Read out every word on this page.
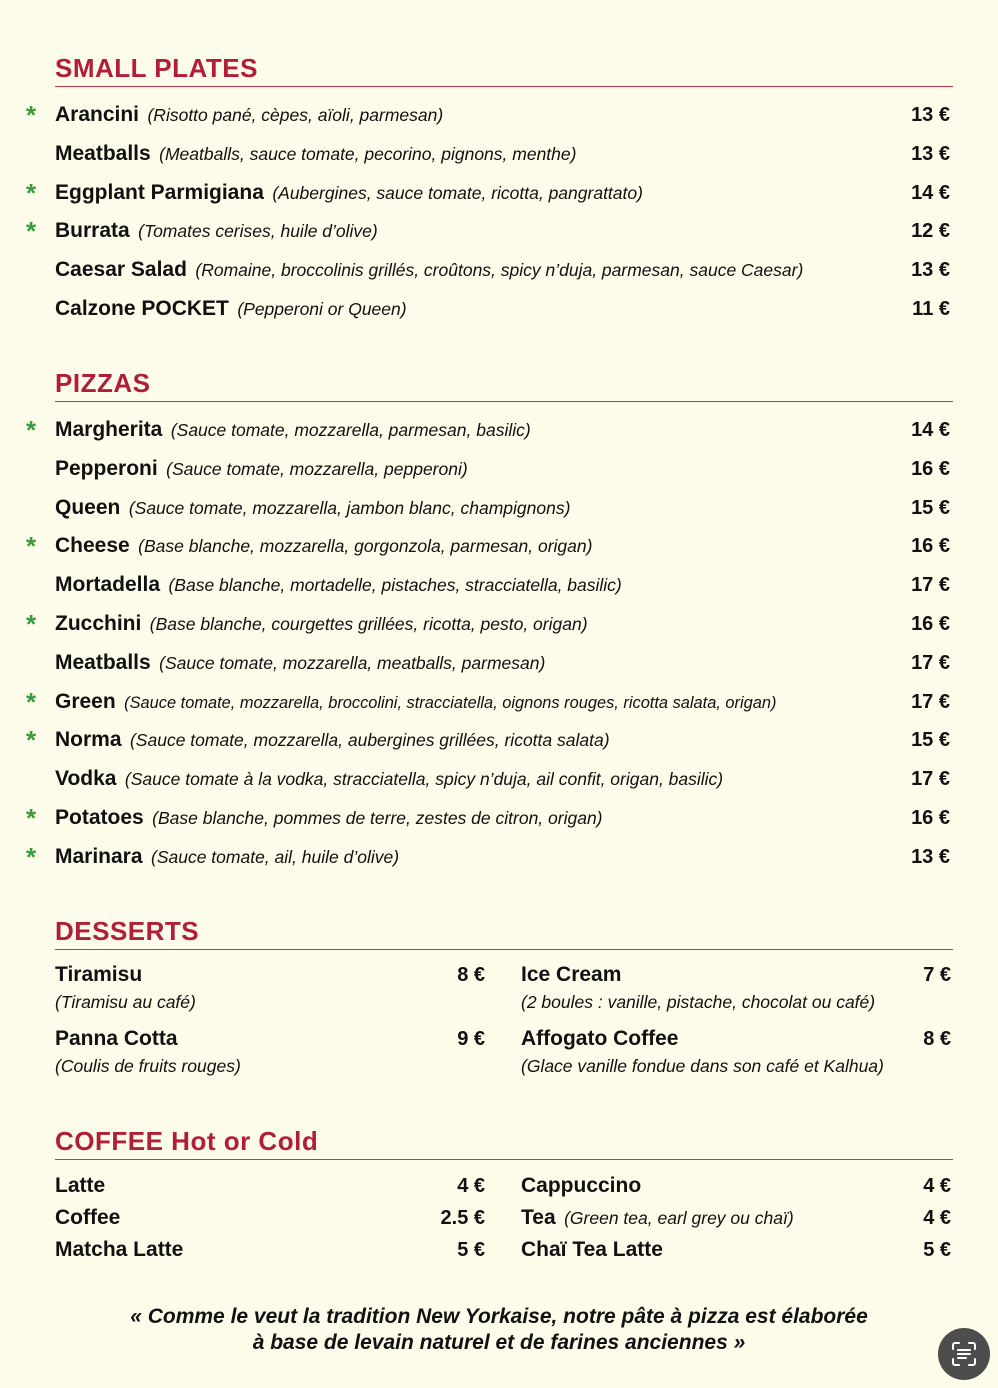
SMALL PLATES
* Arancini (Risotto pané, cèpes, aïoli, parmesan)	13 €
Meatballs (Meatballs, sauce tomate, pecorino, pignons, menthe)	13 €
* Eggplant Parmigiana (Aubergines, sauce tomate, ricotta, pangrattato)	14 €
* Burrata (Tomates cerises, huile d’olive)	12 €
Caesar Salad (Romaine, broccolinis grillés, croûtons, spicy n’duja, parmesan, sauce Caesar)	13 €
Calzone POCKET (Pepperoni or Queen)	11 €
PIZZAS
* Margherita (Sauce tomate, mozzarella, parmesan, basilic)	14 €
Pepperoni (Sauce tomate, mozzarella, pepperoni)	16 €
Queen (Sauce tomate, mozzarella, jambon blanc, champignons)	15 €
* Cheese (Base blanche, mozzarella, gorgonzola, parmesan, origan)	16 €
Mortadella (Base blanche, mortadelle, pistaches, stracciatella, basilic)	17 €
* Zucchini (Base blanche, courgettes grillées, ricotta, pesto, origan)	16 €
Meatballs (Sauce tomate, mozzarella, meatballs, parmesan)	17 €
* Green (Sauce tomate, mozzarella, broccolini, stracciatella, oignons rouges, ricotta salata, origan)	17 €
* Norma (Sauce tomate, mozzarella, aubergines grillées, ricotta salata)	15 €
Vodka (Sauce tomate à la vodka, stracciatella, spicy n’duja, ail confit, origan, basilic)	17 €
* Potatoes (Base blanche, pommes de terre, zestes de citron, origan)	16 €
* Marinara (Sauce tomate, ail, huile d’olive)	13 €
DESSERTS
Tiramisu
(Tiramisu au café)
8 €
Panna Cotta
(Coulis de fruits rouges)
9 €
Ice Cream
(2 boules : vanille, pistache, chocolat ou café)
7 €
Affogato Coffee
(Glace vanille fondue dans son café et Kalhua)
8 €
COFFEE Hot or Cold
Latte	4 €
Coffee	2.5 €
Matcha Latte	5 €
Cappuccino	4 €
Tea (Green tea, earl grey ou chaï)	4 €
Chaï Tea Latte	5 €
« Comme le veut la tradition New Yorkaise, notre pâte à pizza est élaborée
à base de levain naturel et de farines anciennes »
